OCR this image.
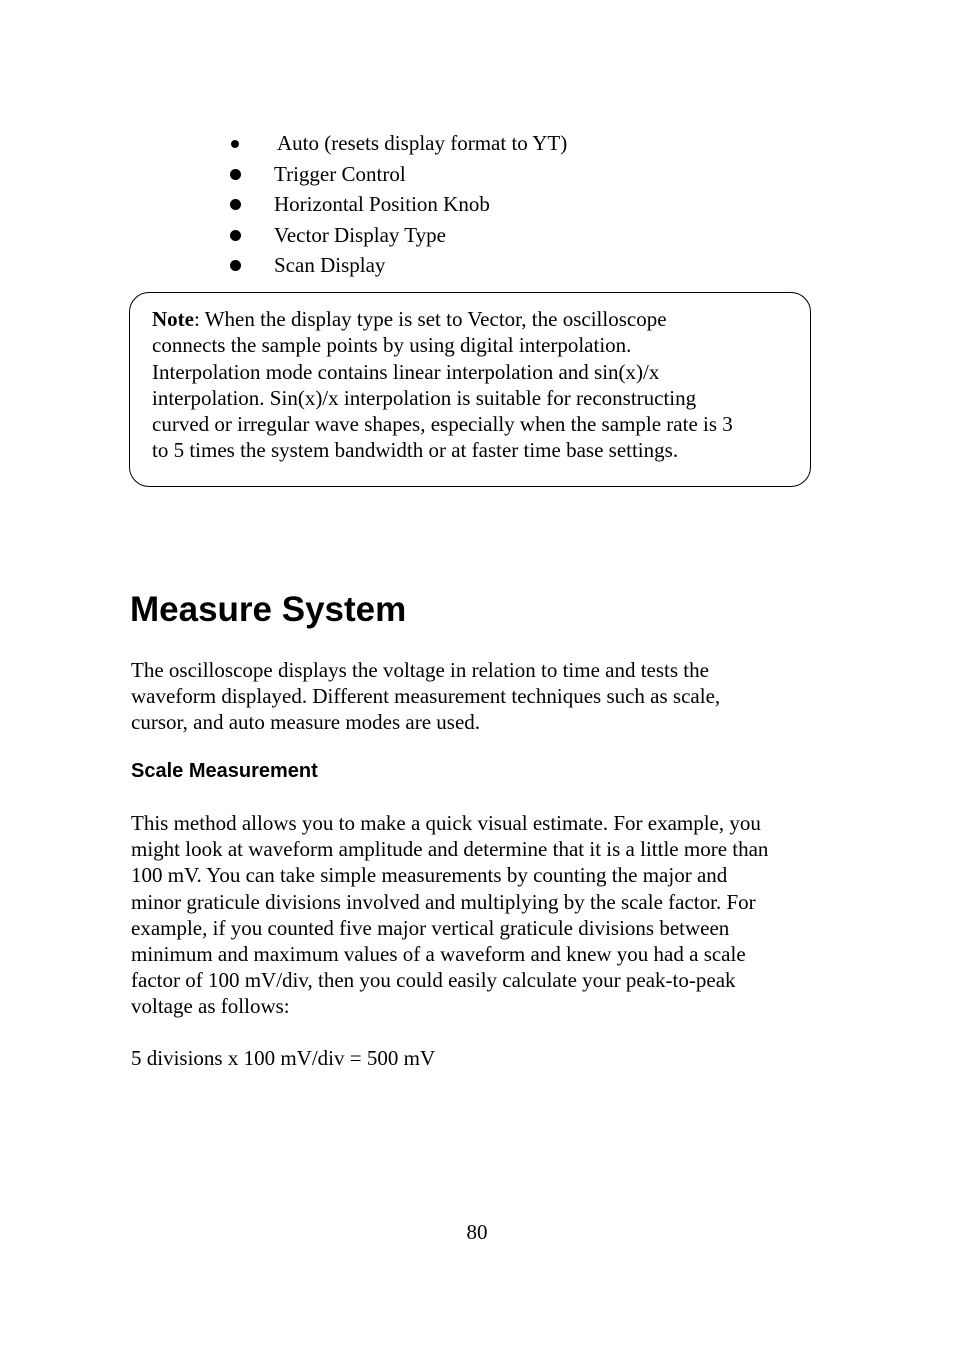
Auto (resets display format to YT)
Trigger Control
Horizontal Position Knob
Vector Display Type
Scan Display
Note: When the display type is set to Vector, the oscilloscope
connects the sample points by using digital interpolation.
Interpolation mode contains linear interpolation and sin(x)/x
interpolation. Sin(x)/x interpolation is suitable for reconstructing
curved or irregular wave shapes, especially when the sample rate is 3
to 5 times the system bandwidth or at faster time base settings.
Measure System

The oscilloscope displays the voltage in relation to time and tests the
waveform displayed. Different measurement techniques such as scale,
cursor, and auto measure modes are used.

Scale Measurement

This method allows you to make a quick visual estimate. For example, you
might look at waveform amplitude and determine that it is a little more than
100 mV. You can take simple measurements by counting the major and
minor graticule divisions involved and multiplying by the scale factor. For
example, if you counted five major vertical graticule divisions between
minimum and maximum values of a waveform and knew you had a scale
factor of 100 mV/div, then you could easily calculate your peak-to-peak
voltage as follows:

5 divisions x 100 mV/div = 500 mV

80
